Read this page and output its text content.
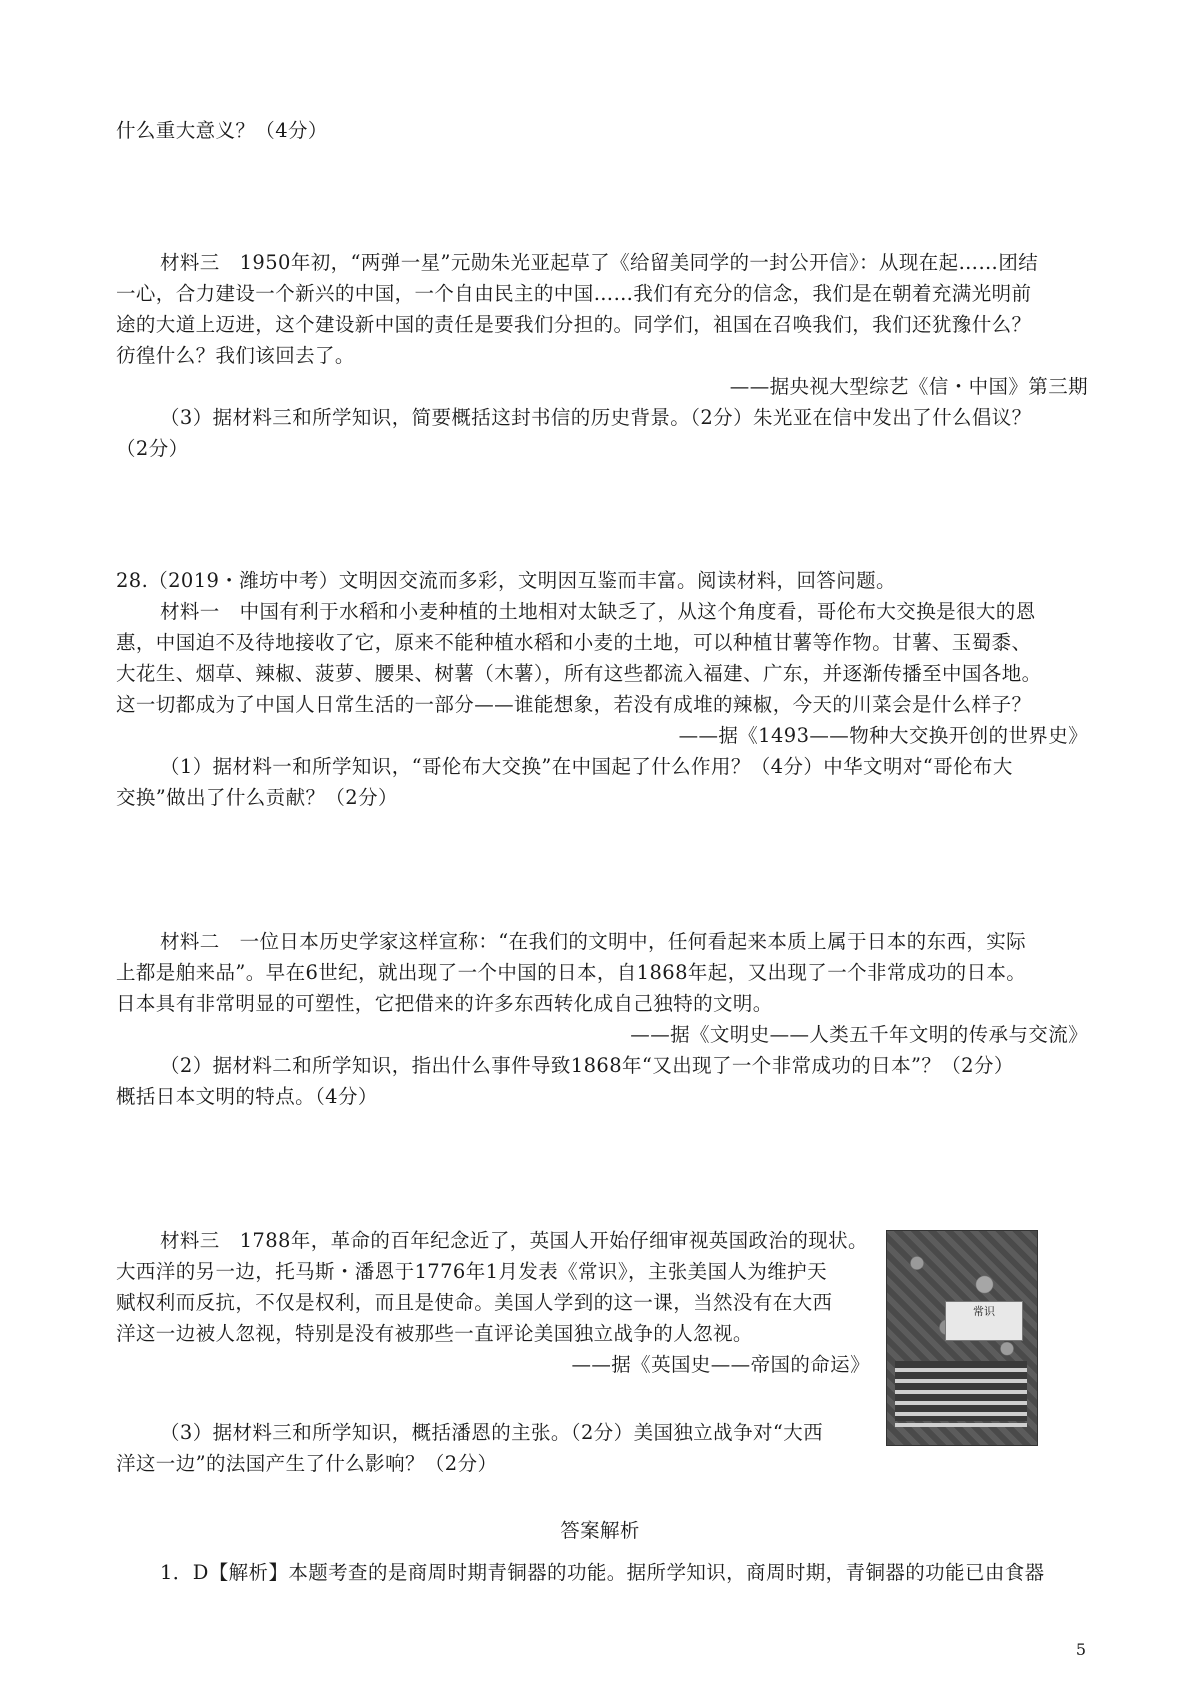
什么重大意义？（4分）
材料三　1950年初，“两弹一星”元勋朱光亚起草了《给留美同学的一封公开信》：从现在起……团结
一心，合力建设一个新兴的中国，一个自由民主的中国……我们有充分的信念，我们是在朝着充满光明前
途的大道上迈进，这个建设新中国的责任是要我们分担的。同学们，祖国在召唤我们，我们还犹豫什么？
彷徨什么？我们该回去了。
——据央视大型综艺《信・中国》第三期
（3）据材料三和所学知识，简要概括这封书信的历史背景。（2分）朱光亚在信中发出了什么倡议？
（2分）
28.（2019・潍坊中考）文明因交流而多彩，文明因互鉴而丰富。阅读材料，回答问题。
材料一　中国有利于水稻和小麦种植的土地相对太缺乏了，从这个角度看，哥伦布大交换是很大的恩
惠，中国迫不及待地接收了它，原来不能种植水稻和小麦的土地，可以种植甘薯等作物。甘薯、玉蜀黍、
大花生、烟草、辣椒、菠萝、腰果、树薯（木薯），所有这些都流入福建、广东，并逐渐传播至中国各地。
这一切都成为了中国人日常生活的一部分——谁能想象，若没有成堆的辣椒，今天的川菜会是什么样子？
——据《1493——物种大交换开创的世界史》
（1）据材料一和所学知识，“哥伦布大交换”在中国起了什么作用？（4分）中华文明对“哥伦布大
交换”做出了什么贡献？（2分）
材料二　一位日本历史学家这样宣称：“在我们的文明中，任何看起来本质上属于日本的东西，实际
上都是舶来品”。早在6世纪，就出现了一个中国的日本，自1868年起，又出现了一个非常成功的日本。
日本具有非常明显的可塑性，它把借来的许多东西转化成自己独特的文明。
——据《文明史——人类五千年文明的传承与交流》
（2）据材料二和所学知识，指出什么事件导致1868年“又出现了一个非常成功的日本”？（2分）
概括日本文明的特点。（4分）
材料三　1788年，革命的百年纪念近了，英国人开始仔细审视英国政治的现状。
大西洋的另一边，托马斯・潘恩于1776年1月发表《常识》，主张美国人为维护天
赋权利而反抗，不仅是权利，而且是使命。美国人学到的这一课，当然没有在大西
洋这一边被人忽视，特别是没有被那些一直评论美国独立战争的人忽视。
——据《英国史——帝国的命运》
（3）据材料三和所学知识，概括潘恩的主张。（2分）美国独立战争对“大西
洋这一边”的法国产生了什么影响？（2分）
常识
答案解析
1．D【解析】本题考查的是商周时期青铜器的功能。据所学知识，商周时期，青铜器的功能已由食器
5
